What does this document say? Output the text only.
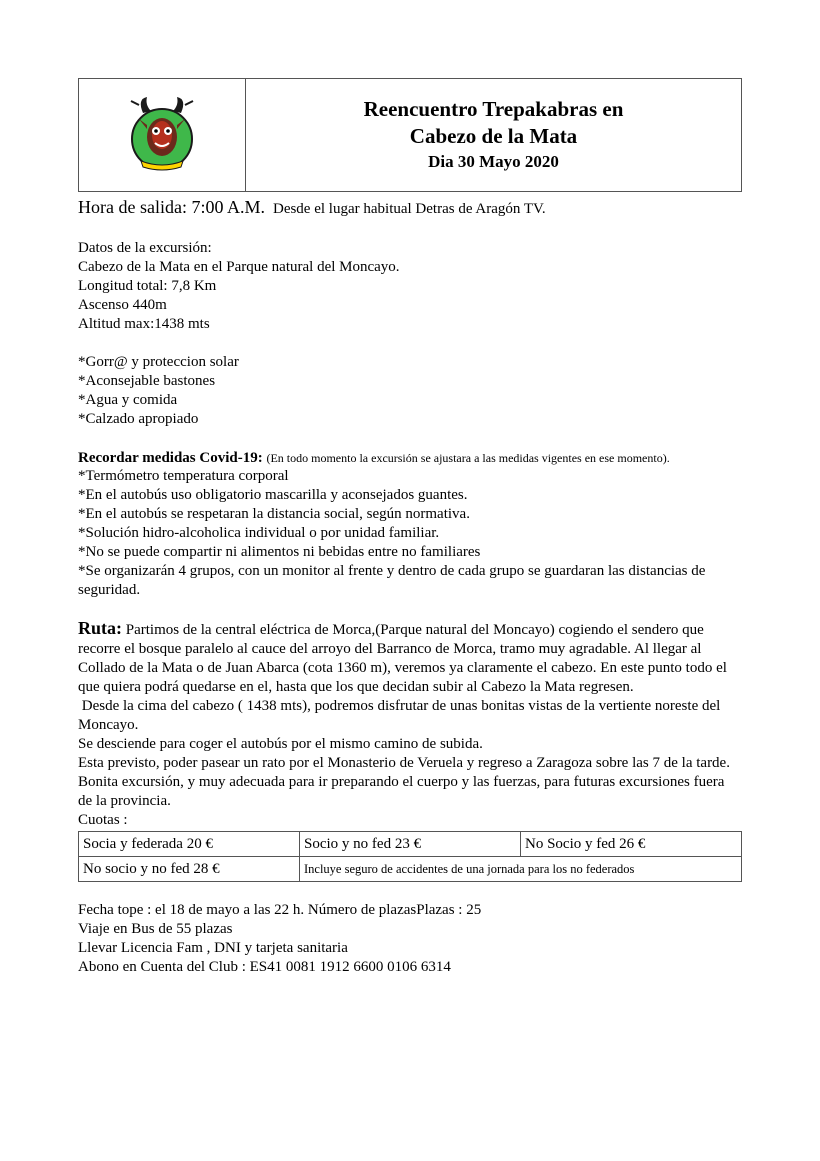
Reencuentro Trepakabras en
Cabezo de la Mata
Dia 30 Mayo 2020
Hora de salida: 7:00 A.M. Desde el lugar habitual Detras de Aragón TV.
Datos de la excursión:
Cabezo de la Mata en el Parque natural del Moncayo.
Longitud total: 7,8 Km
Ascenso 440m
Altitud max:1438 mts
*Gorr@ y proteccion solar
*Aconsejable bastones
*Agua y comida
*Calzado apropiado
Recordar medidas Covid-19: (En todo momento la excursión se ajustara a las medidas vigentes en ese momento).
*Termómetro temperatura corporal
*En el autobús uso obligatorio mascarilla y aconsejados guantes.
*En el autobús se respetaran la distancia social, según normativa.
*Solución hidro-alcoholica individual o por unidad familiar.
*No se puede compartir ni alimentos ni bebidas entre no familiares
*Se organizarán 4 grupos, con un monitor al frente y dentro de cada grupo se guardaran las distancias de seguridad.
Ruta: Partimos de la central eléctrica de Morca,(Parque natural del Moncayo) cogiendo el sendero que recorre el bosque paralelo al cauce del arroyo del Barranco de Morca, tramo muy agradable. Al llegar al
Collado de la Mata o de Juan Abarca (cota 1360 m), veremos ya claramente el cabezo. En este punto todo el que quiera podrá quedarse en el, hasta que los que decidan subir al Cabezo la Mata regresen.
Desde la cima del cabezo ( 1438 mts), podremos disfrutar de unas bonitas vistas de la vertiente noreste del Moncayo.
Se desciende para coger el autobús por el mismo camino de subida.
Esta previsto, poder pasear un rato por el Monasterio de Veruela y regreso a Zaragoza sobre las 7 de la tarde.
Bonita excursión, y muy adecuada para ir preparando el cuerpo y las fuerzas, para futuras excursiones fuera de la provincia.
Cuotas :
Socia y federada 20 €	Socio y no fed 23 €	No Socio y fed 26 €
No socio y no fed 28 €	Incluye seguro de accidentes de una jornada para los no federados	
Fecha tope : el 18 de mayo a las 22 h. Número de plazasPlazas : 25
Viaje en Bus de 55 plazas
Llevar Licencia Fam , DNI y tarjeta sanitaria
Abono en Cuenta del Club : ES41 0081 1912 6600 0106 6314
